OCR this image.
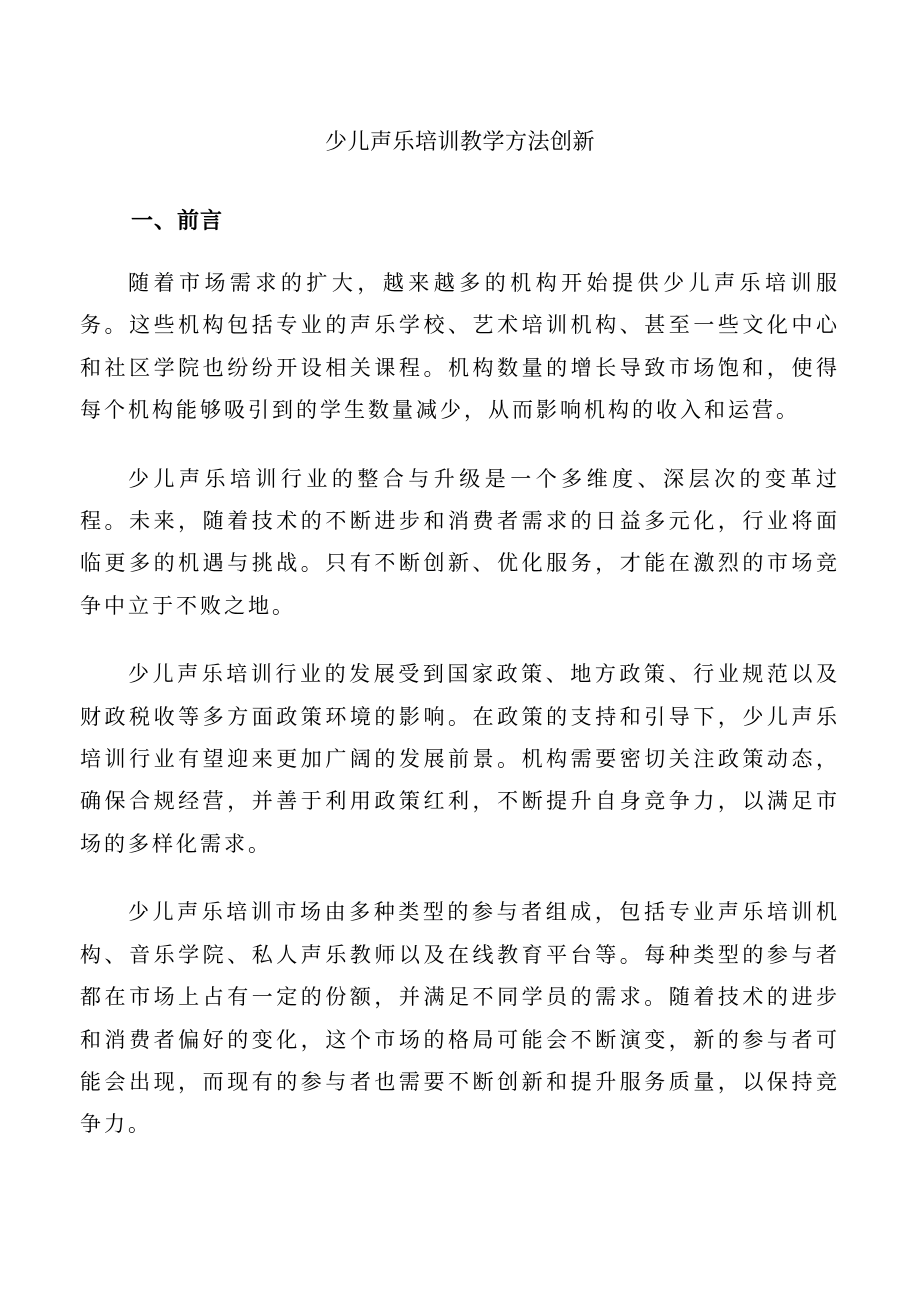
少儿声乐培训教学方法创新
一、前言

随着市场需求的扩大，越来越多的机构开始提供少儿声乐培训服务。这些机构包括专业的声乐学校、艺术培训机构、甚至一些文化中心和社区学院也纷纷开设相关课程。机构数量的增长导致市场饱和，使得每个机构能够吸引到的学生数量减少，从而影响机构的收入和运营。

少儿声乐培训行业的整合与升级是一个多维度、深层次的变革过程。未来，随着技术的不断进步和消费者需求的日益多元化，行业将面临更多的机遇与挑战。只有不断创新、优化服务，才能在激烈的市场竞争中立于不败之地。

少儿声乐培训行业的发展受到国家政策、地方政策、行业规范以及财政税收等多方面政策环境的影响。在政策的支持和引导下，少儿声乐培训行业有望迎来更加广阔的发展前景。机构需要密切关注政策动态，确保合规经营，并善于利用政策红利，不断提升自身竞争力，以满足市场的多样化需求。

少儿声乐培训市场由多种类型的参与者组成，包括专业声乐培训机构、音乐学院、私人声乐教师以及在线教育平台等。每种类型的参与者都在市场上占有一定的份额，并满足不同学员的需求。随着技术的进步和消费者偏好的变化，这个市场的格局可能会不断演变，新的参与者可能会出现，而现有的参与者也需要不断创新和提升服务质量，以保持竞争力。
